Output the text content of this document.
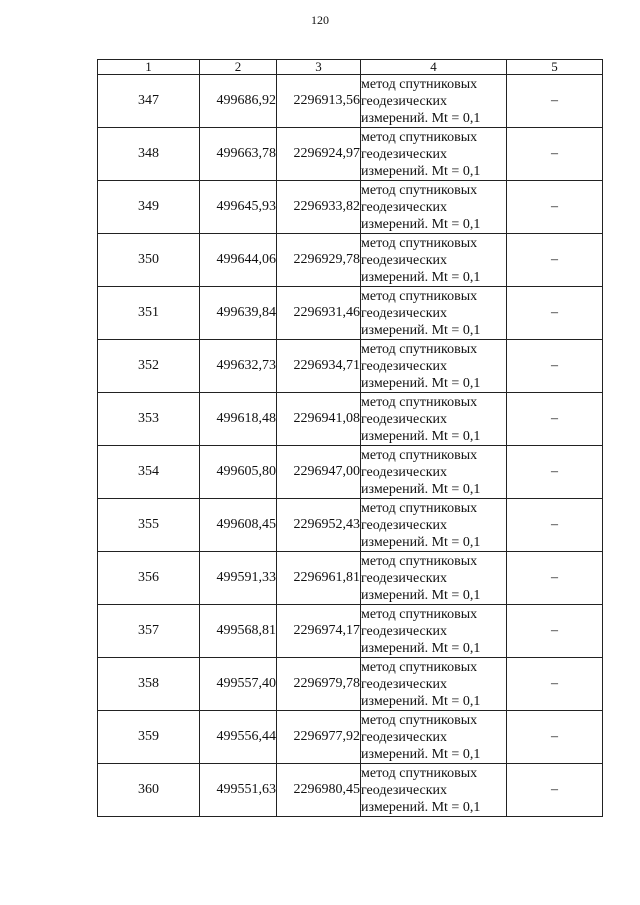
120
1	2	3	4	5
347	499686,92	2296913,56	метод спутниковых геодезических измерений. Mt = 0,1	–
348	499663,78	2296924,97	метод спутниковых геодезических измерений. Mt = 0,1	–
349	499645,93	2296933,82	метод спутниковых геодезических измерений. Mt = 0,1	–
350	499644,06	2296929,78	метод спутниковых геодезических измерений. Mt = 0,1	–
351	499639,84	2296931,46	метод спутниковых геодезических измерений. Mt = 0,1	–
352	499632,73	2296934,71	метод спутниковых геодезических измерений. Mt = 0,1	–
353	499618,48	2296941,08	метод спутниковых геодезических измерений. Mt = 0,1	–
354	499605,80	2296947,00	метод спутниковых геодезических измерений. Mt = 0,1	–
355	499608,45	2296952,43	метод спутниковых геодезических измерений. Mt = 0,1	–
356	499591,33	2296961,81	метод спутниковых геодезических измерений. Mt = 0,1	–
357	499568,81	2296974,17	метод спутниковых геодезических измерений. Mt = 0,1	–
358	499557,40	2296979,78	метод спутниковых геодезических измерений. Mt = 0,1	–
359	499556,44	2296977,92	метод спутниковых геодезических измерений. Mt = 0,1	–
360	499551,63	2296980,45	метод спутниковых геодезических измерений. Mt = 0,1	–
